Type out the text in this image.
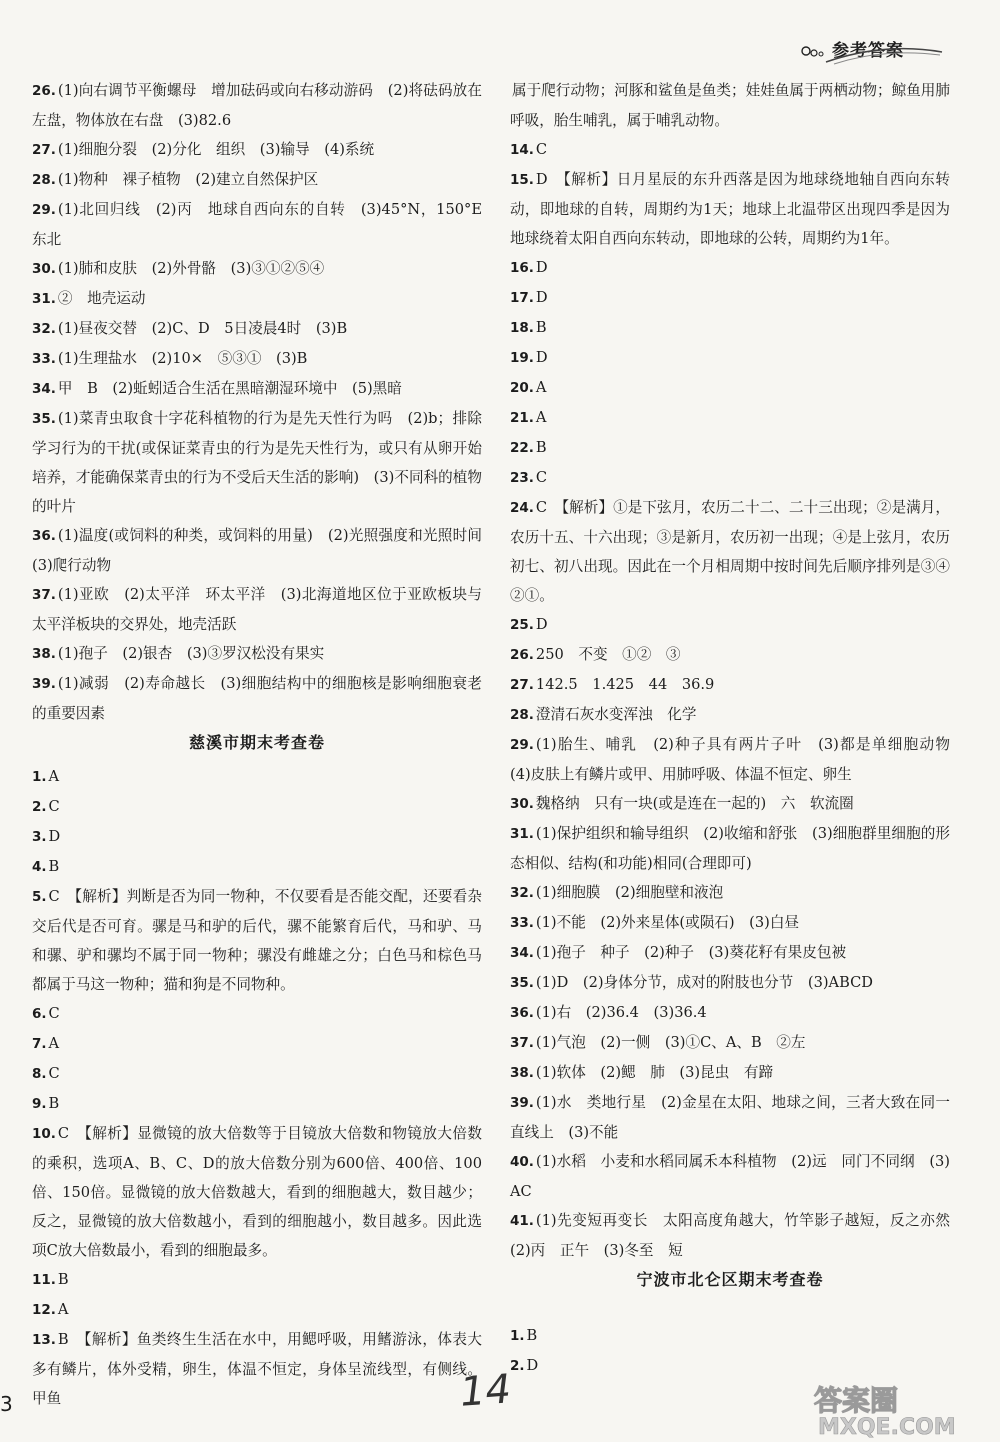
参考答案

26. (1)向右调节平衡螺母　增加砝码或向右移动游码　(2)将砝码放在左盘，物体放在右盘　(3)82.6

27. (1)细胞分裂　(2)分化　组织　(3)输导　(4)系统

28. (1)物种　裸子植物　(2)建立自然保护区

29. (1)北回归线　(2)丙　地球自西向东的自转　(3)45°N，150°E　东北

30. (1)肺和皮肤　(2)外骨骼　(3)③①②⑤④

31. ②　地壳运动

32. (1)昼夜交替　(2)C、D　5日凌晨4时　(3)B

33. (1)生理盐水　(2)10×　⑤③①　(3)B

34. 甲　B　(2)蚯蚓适合生活在黑暗潮湿环境中　(5)黑暗

35. (1)菜青虫取食十字花科植物的行为是先天性行为吗　(2)b；排除学习行为的干扰(或保证菜青虫的行为是先天性行为，或只有从卵开始培养，才能确保菜青虫的行为不受后天生活的影响)　(3)不同科的植物的叶片

36. (1)温度(或饲料的种类，或饲料的用量)　(2)光照强度和光照时间　(3)爬行动物

37. (1)亚欧　(2)太平洋　环太平洋　(3)北海道地区位于亚欧板块与太平洋板块的交界处，地壳活跃

38. (1)孢子　(2)银杏　(3)③罗汉松没有果实

39. (1)减弱　(2)寿命越长　(3)细胞结构中的细胞核是影响细胞衰老的重要因素

慈溪市期末考查卷

1. A

2. C

3. D

4. B

5. C　【解析】判断是否为同一物种，不仅要看是否能交配，还要看杂交后代是否可育。骡是马和驴的后代，骡不能繁育后代，马和驴、马和骡、驴和骡均不属于同一物种；骡没有雌雄之分；白色马和棕色马都属于马这一物种；猫和狗是不同物种。

6. C

7. A

8. C

9. B

10. C　【解析】显微镜的放大倍数等于目镜放大倍数和物镜放大倍数的乘积，选项A、B、C、D的放大倍数分别为600倍、400倍、100倍、150倍。显微镜的放大倍数越大，看到的细胞越大，数目越少；反之，显微镜的放大倍数越小，看到的细胞越小，数目越多。因此选项C放大倍数最小，看到的细胞最多。

11. B

12. A

13. B　【解析】鱼类终生生活在水中，用鳃呼吸，用鳍游泳，体表大多有鳞片，体外受精，卵生，体温不恒定，身体呈流线型，有侧线。甲鱼

属于爬行动物；河豚和鲨鱼是鱼类；娃娃鱼属于两栖动物；鲸鱼用肺呼吸，胎生哺乳，属于哺乳动物。

14. C

15. D　【解析】日月星辰的东升西落是因为地球绕地轴自西向东转动，即地球的自转，周期约为1天；地球上北温带区出现四季是因为地球绕着太阳自西向东转动，即地球的公转，周期约为1年。

16. D

17. D

18. B

19. D

20. A

21. A

22. B

23. C

24. C　【解析】①是下弦月，农历二十二、二十三出现；②是满月，农历十五、十六出现；③是新月，农历初一出现；④是上弦月，农历初七、初八出现。因此在一个月相周期中按时间先后顺序排列是③④②①。

25. D

26. 250　不变　①②　③

27. 142.5　1.425　44　36.9

28. 澄清石灰水变浑浊　化学

29. (1)胎生、哺乳　(2)种子具有两片子叶　(3)都是单细胞动物　(4)皮肤上有鳞片或甲、用肺呼吸、体温不恒定、卵生

30. 魏格纳　只有一块(或是连在一起的)　六　软流圈

31. (1)保护组织和输导组织　(2)收缩和舒张　(3)细胞群里细胞的形态相似、结构(和功能)相同(合理即可)

32. (1)细胞膜　(2)细胞壁和液泡

33. (1)不能　(2)外来星体(或陨石)　(3)白昼

34. (1)孢子　种子　(2)种子　(3)葵花籽有果皮包被

35. (1)D　(2)身体分节，成对的附肢也分节　(3)ABCD

36. (1)右　(2)36.4　(3)36.4

37. (1)气泡　(2)一侧　(3)①C、A、B　②左

38. (1)软体　(2)鳃　肺　(3)昆虫　有蹄

39. (1)水　类地行星　(2)金星在太阳、地球之间，三者大致在同一直线上　(3)不能

40. (1)水稻　小麦和水稻同属禾本科植物　(2)远　同门不同纲　(3)AC

41. (1)先变短再变长　太阳高度角越大，竹竿影子越短，反之亦然　(2)丙　正午　(3)冬至　短

宁波市北仑区期末考查卷

1. B

2. D

3	14	答案圈
MXQE.COM
